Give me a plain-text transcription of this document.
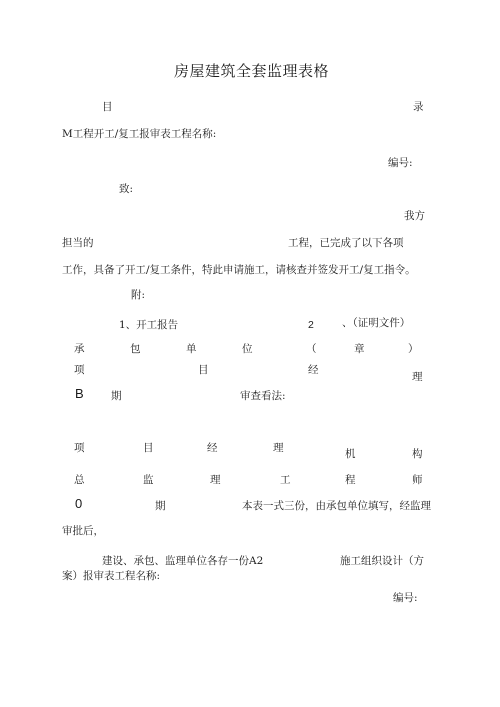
房屋建筑全套监理表格
目	录
M工程开工/复工报审表工程名称:
编号:
致:
我方
担当的	工程，已完成了以下各项
工作，具备了开工/复工条件，特此申请施工，请核查并签发开工/复工指令。
附:
1、开工报告	2	、（证明文件）
承	包	单	位	（	章	）
项	目	经
理
B	期	审查看法:
项	目	经	理	机	构
总	监	理	工	程	师
0	期	本表一式三份，由承包单位填写，经监理
审批后，
建设、承包、监理单位各存一份A2	施工组织设计（方
案）报审表工程名称:
编号:
